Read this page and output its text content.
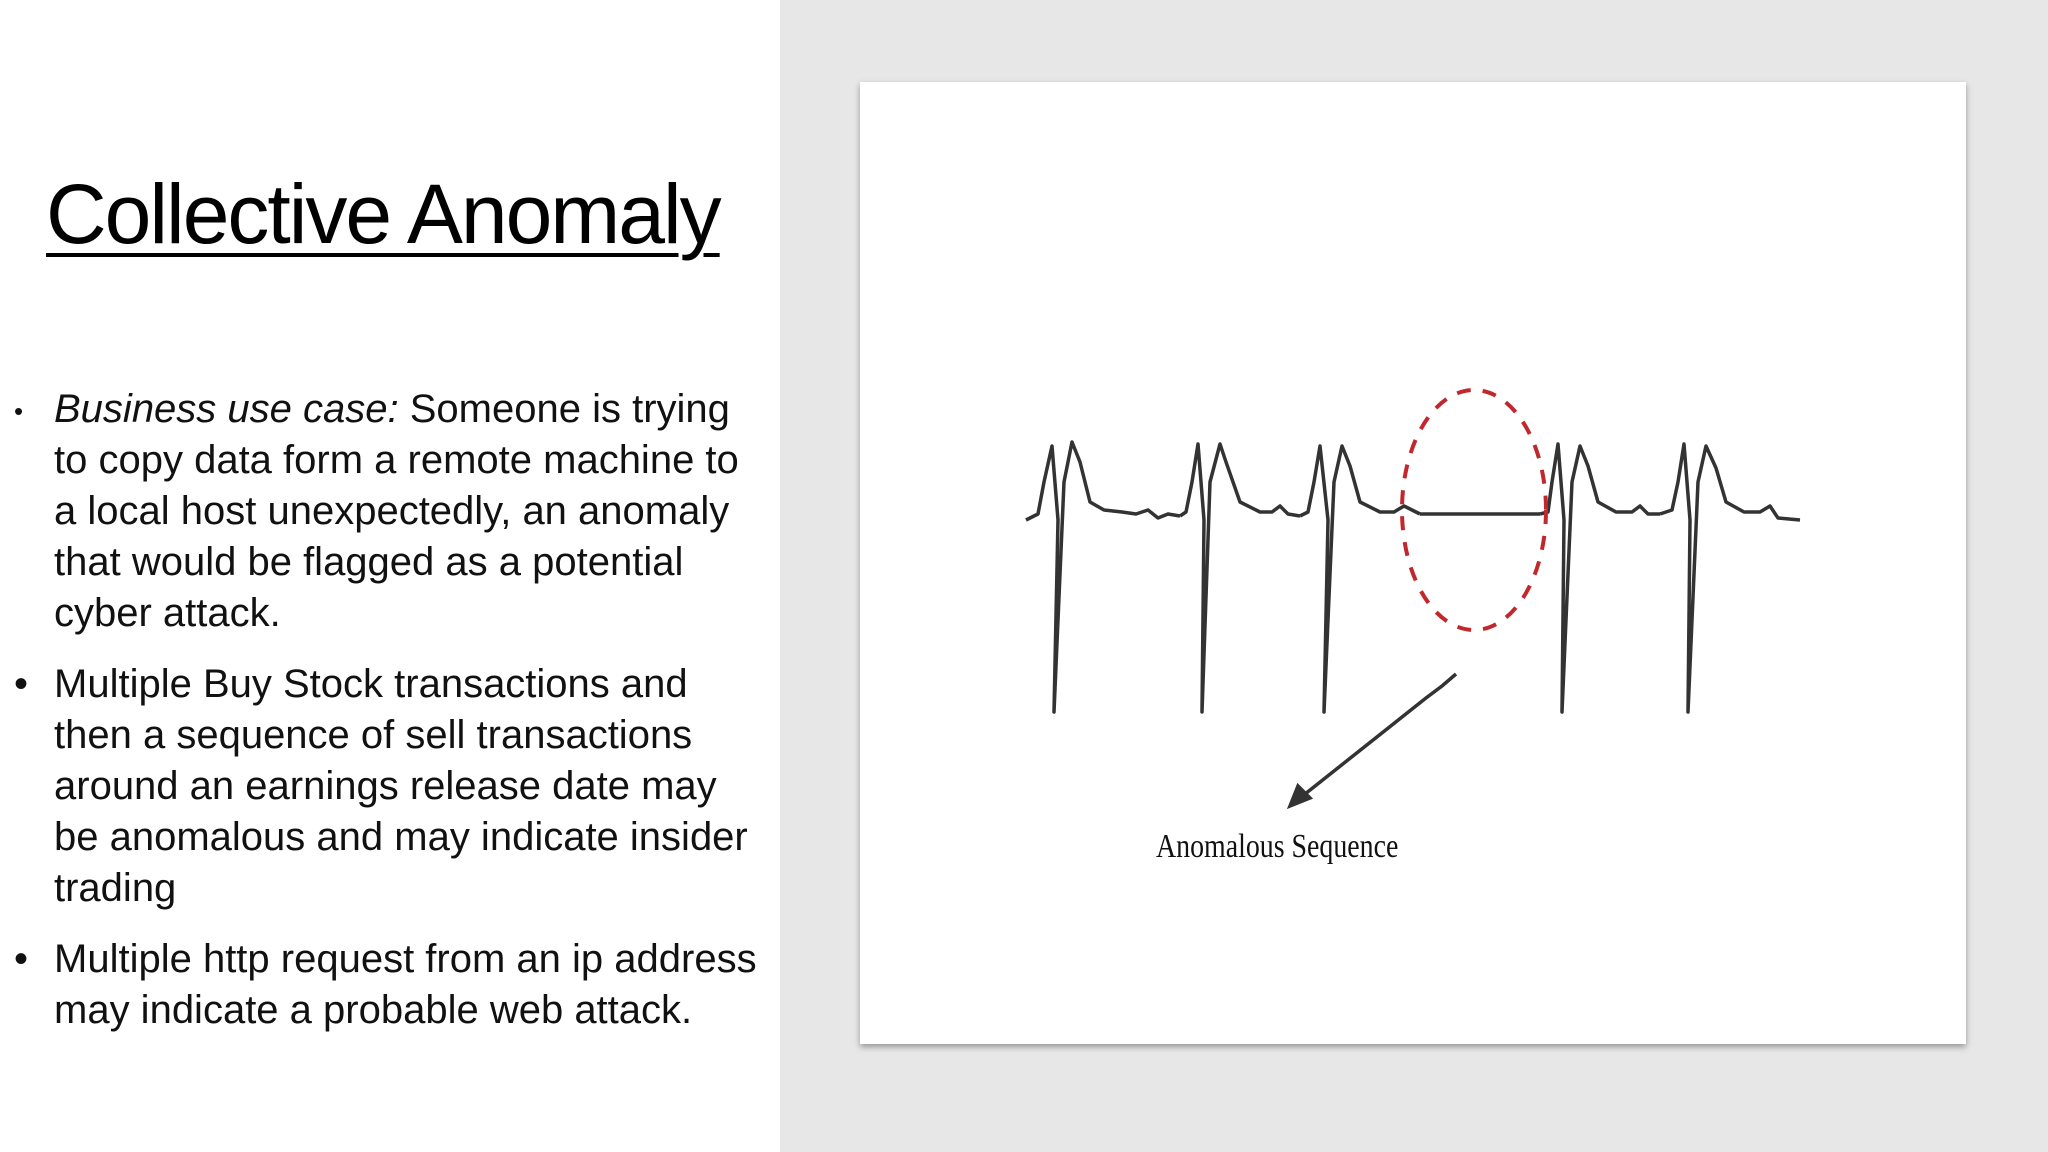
Collective Anomaly
• Business use case: Someone is trying to copy data form a remote machine to a local host unexpectedly, an anomaly that would be flagged as a potential cyber attack.
• Multiple Buy Stock transactions and then a sequence of sell transactions around an earnings release date may be anomalous and may indicate insider trading
• Multiple http request from an ip address may indicate a probable web attack.
Anomalous Sequence
